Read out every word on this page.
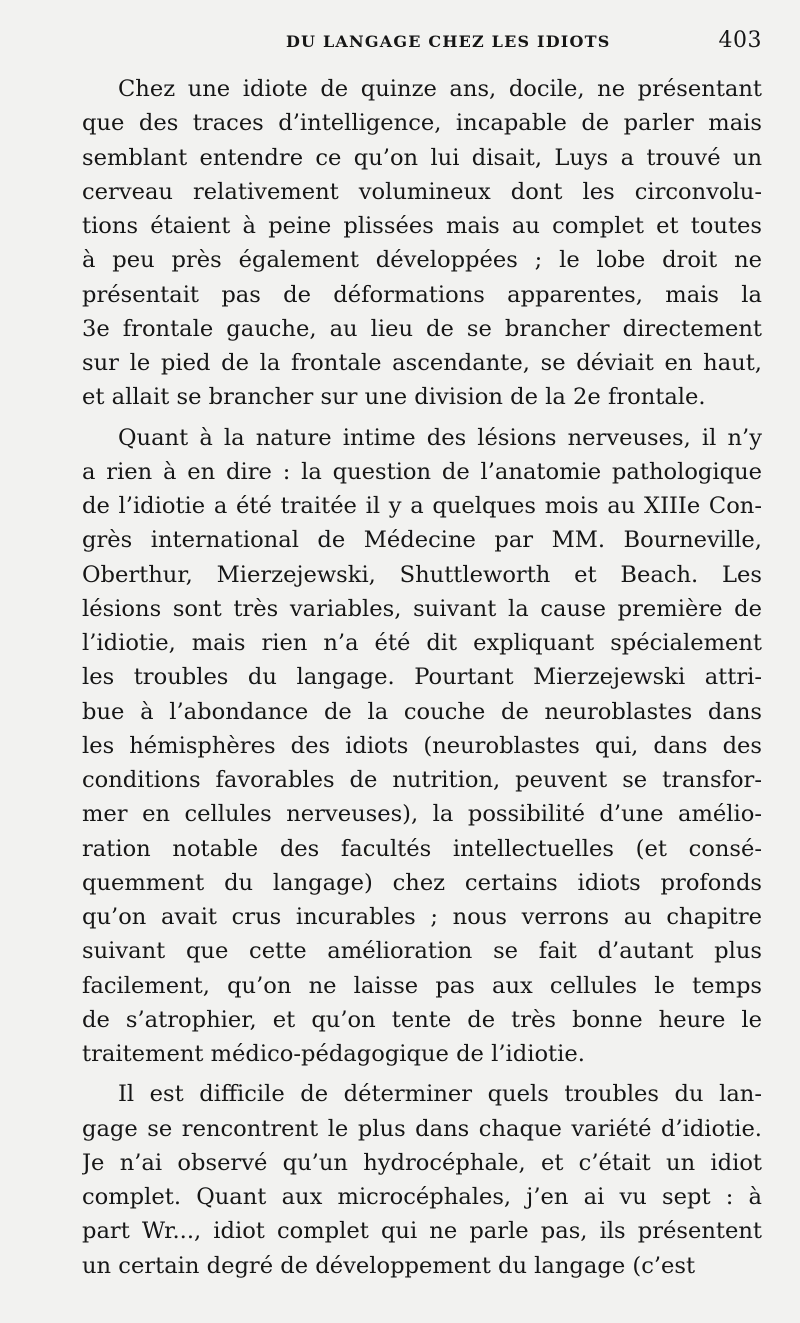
DU LANGAGE CHEZ LES IDIOTS	403
Chez une idiote de quinze ans, docile, ne présentant
que des traces d’intelligence, incapable de parler mais
semblant entendre ce qu’on lui disait, Luys a trouvé un
cerveau relativement volumineux dont les circonvolu-
tions étaient à peine plissées mais au complet et toutes
à peu près également développées ; le lobe droit ne
présentait pas de déformations apparentes, mais la
3e frontale gauche, au lieu de se brancher directement
sur le pied de la frontale ascendante, se déviait en haut,
et allait se brancher sur une division de la 2e frontale.
Quant à la nature intime des lésions nerveuses, il n’y
a rien à en dire : la question de l’anatomie pathologique
de l’idiotie a été traitée il y a quelques mois au XIIIe Con-
grès international de Médecine par MM. Bourneville,
Oberthur, Mierzejewski, Shuttleworth et Beach. Les
lésions sont très variables, suivant la cause première de
l’idiotie, mais rien n’a été dit expliquant spécialement
les troubles du langage. Pourtant Mierzejewski attri-
bue à l’abondance de la couche de neuroblastes dans
les hémisphères des idiots (neuroblastes qui, dans des
conditions favorables de nutrition, peuvent se transfor-
mer en cellules nerveuses), la possibilité d’une amélio-
ration notable des facultés intellectuelles (et consé-
quemment du langage) chez certains idiots profonds
qu’on avait crus incurables ; nous verrons au chapitre
suivant que cette amélioration se fait d’autant plus
facilement, qu’on ne laisse pas aux cellules le temps
de s’atrophier, et qu’on tente de très bonne heure le
traitement médico-pédagogique de l’idiotie.
Il est difficile de déterminer quels troubles du lan-
gage se rencontrent le plus dans chaque variété d’idiotie.
Je n’ai observé qu’un hydrocéphale, et c’était un idiot
complet. Quant aux microcéphales, j’en ai vu sept : à
part Wr..., idiot complet qui ne parle pas, ils présentent
un certain degré de développement du langage (c’est
